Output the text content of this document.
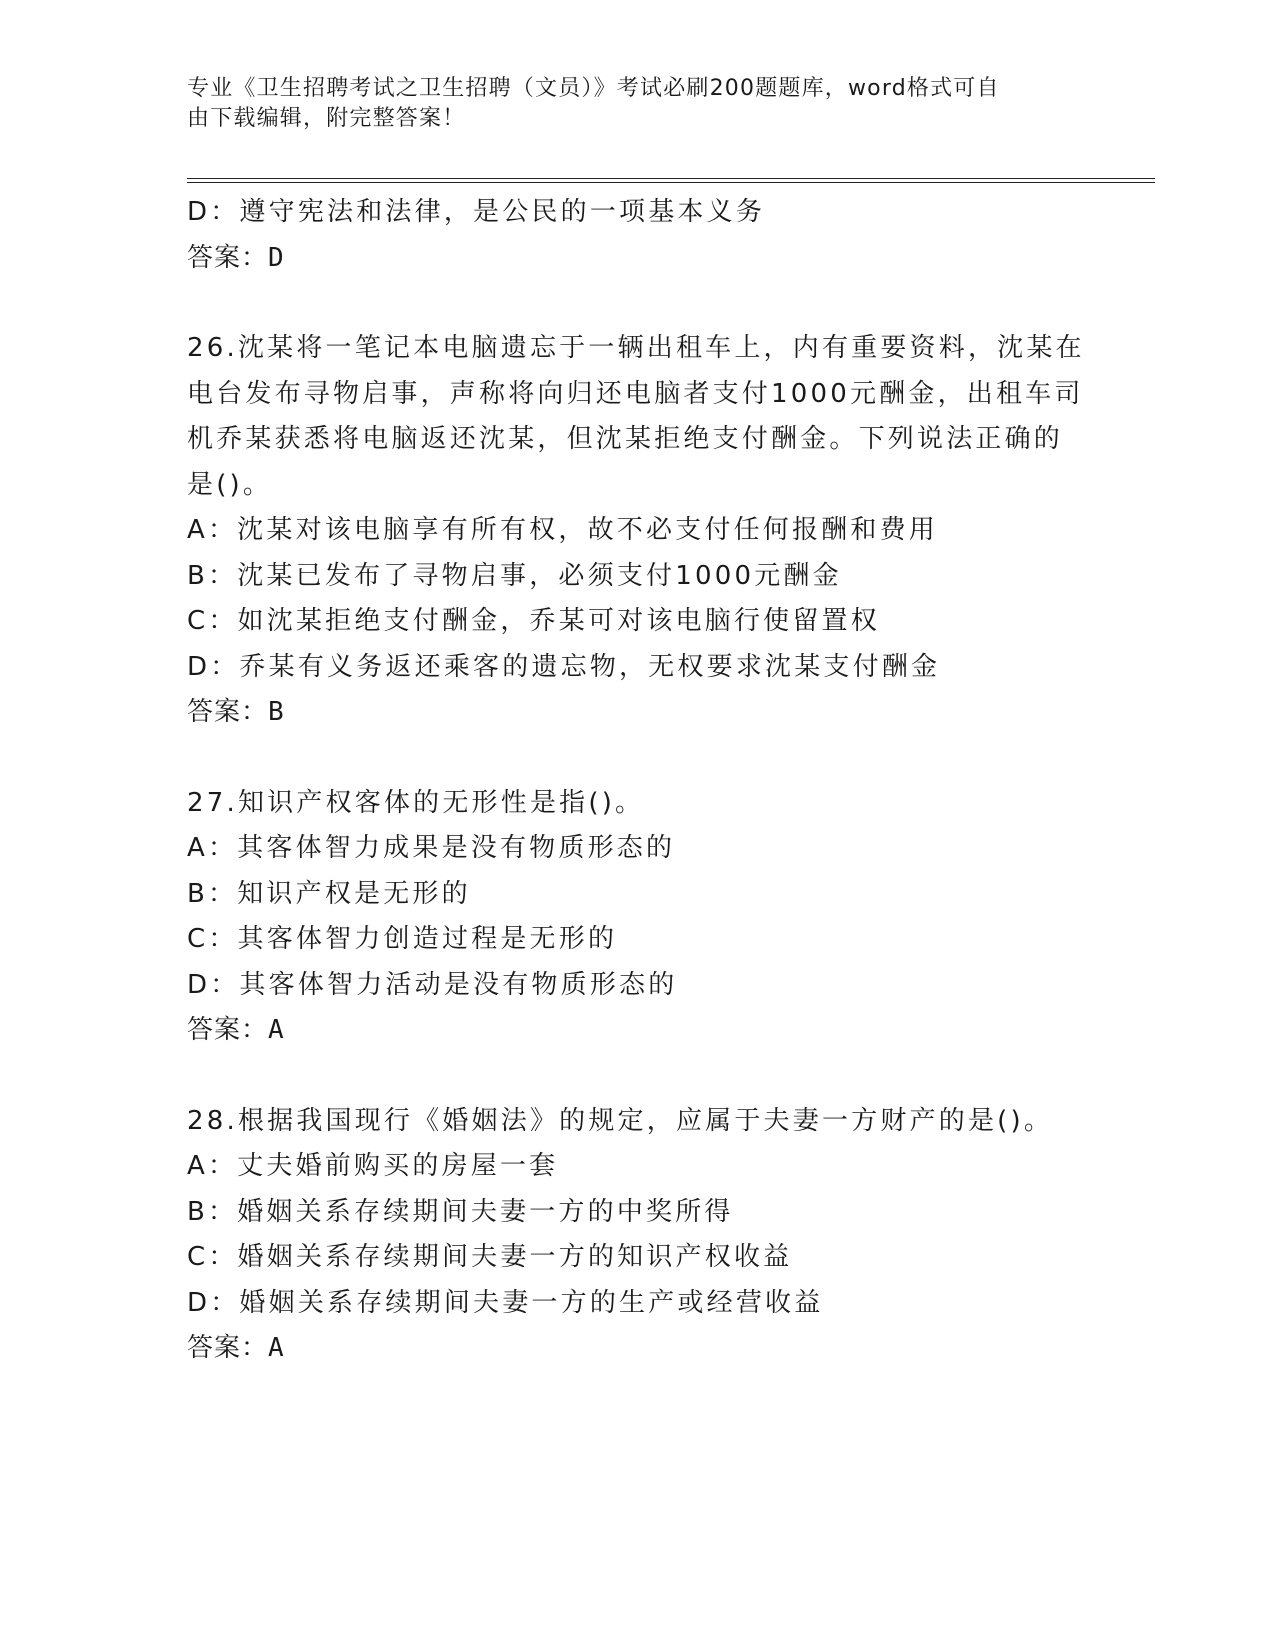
专业《卫生招聘考试之卫生招聘（文员）》考试必刷200题题库，word格式可自
由下载编辑，附完整答案！
D：遵守宪法和法律，是公民的一项基本义务
答案：D
26.沈某将一笔记本电脑遗忘于一辆出租车上，内有重要资料，沈某在
电台发布寻物启事，声称将向归还电脑者支付1000元酬金，出租车司
机乔某获悉将电脑返还沈某，但沈某拒绝支付酬金。下列说法正确的
是()。
A：沈某对该电脑享有所有权，故不必支付任何报酬和费用
B：沈某已发布了寻物启事，必须支付1000元酬金
C：如沈某拒绝支付酬金，乔某可对该电脑行使留置权
D：乔某有义务返还乘客的遗忘物，无权要求沈某支付酬金
答案：B
27.知识产权客体的无形性是指()。
A：其客体智力成果是没有物质形态的
B：知识产权是无形的
C：其客体智力创造过程是无形的
D：其客体智力活动是没有物质形态的
答案：A
28.根据我国现行《婚姻法》的规定，应属于夫妻一方财产的是()。
A：丈夫婚前购买的房屋一套
B：婚姻关系存续期间夫妻一方的中奖所得
C：婚姻关系存续期间夫妻一方的知识产权收益
D：婚姻关系存续期间夫妻一方的生产或经营收益
答案：A
